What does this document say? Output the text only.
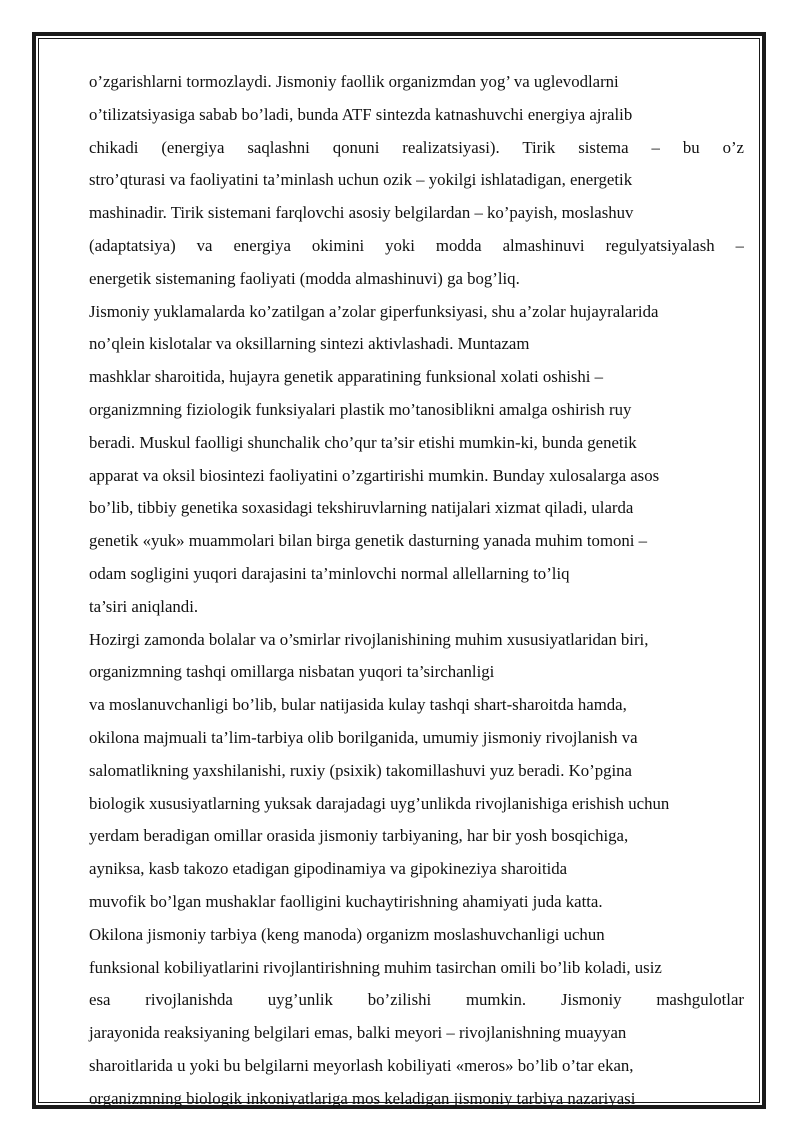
o’zgarishlarni tormozlaydi. Jismoniy faollik organizmdan yog’ va uglevodlarni
o’tilizatsiyasiga sabab bo’ladi, bunda ATF sintezda katnashuvchi energiya ajralib
chikadi (energiya saqlashni qonuni realizatsiyasi). Tirik sistema – bu o’z
stro’qturasi va faoliyatini ta’minlash uchun ozik – yokilgi ishlatadigan, energetik
mashinadir. Tirik sistemani farqlovchi asosiy belgilardan – ko’payish, moslashuv
(adaptatsiya) va energiya okimini yoki modda almashinuvi regulyatsiyalash –
energetik sistemaning faoliyati (modda almashinuvi) ga bog’liq.
Jismoniy yuklamalarda ko’zatilgan a’zolar giperfunksiyasi, shu a’zolar hujayralarida
no’qlein kislotalar va oksillarning sintezi aktivlashadi. Muntazam
mashklar sharoitida, hujayra genetik apparatining funksional xolati oshishi –
organizmning fiziologik funksiyalari plastik mo’tanosiblikni amalga oshirish ruy
beradi. Muskul faolligi shunchalik cho’qur ta’sir etishi mumkin-ki, bunda genetik
apparat va oksil biosintezi faoliyatini o’zgartirishi mumkin. Bunday xulosalarga asos
bo’lib, tibbiy genetika soxasidagi tekshiruvlarning natijalari xizmat qiladi, ularda
genetik «yuk» muammolari bilan birga genetik dasturning yanada muhim tomoni –
odam sogligini yuqori darajasini ta’minlovchi normal allellarning to’liq
ta’siri aniqlandi.
Hozirgi zamonda bolalar va o’smirlar rivojlanishining muhim xususiyatlaridan biri,
organizmning tashqi omillarga nisbatan yuqori ta’sirchanligi
va moslanuvchanligi bo’lib, bular natijasida kulay tashqi shart-sharoitda hamda,
okilona majmuali ta’lim-tarbiya olib borilganida, umumiy jismoniy rivojlanish va
salomatlikning yaxshilanishi, ruxiy (psixik) takomillashuvi yuz beradi. Ko’pgina
biologik xususiyatlarning yuksak darajadagi uyg’unlikda rivojlanishiga erishish uchun
yerdam beradigan omillar orasida jismoniy tarbiyaning, har bir yosh bosqichiga,
ayniksa, kasb takozo etadigan gipodinamiya va gipokineziya sharoitida
muvofik bo’lgan mushaklar faolligini kuchaytirishning ahamiyati juda katta.
Okilona jismoniy tarbiya (keng manoda) organizm moslashuvchanligi uchun
funksional kobiliyatlarini rivojlantirishning muhim tasirchan omili bo’lib koladi, usiz
esa rivojlanishda uyg’unlik bo’zilishi mumkin. Jismoniy mashgulotlar
jarayonida reaksiyaning belgilari emas, balki meyori – rivojlanishning muayyan
sharoitlarida u yoki bu belgilarni meyorlash kobiliyati «meros» bo’lib o’tar ekan,
organizmning biologik inkoniyatlariga mos keladigan jismoniy tarbiya nazariyasi
